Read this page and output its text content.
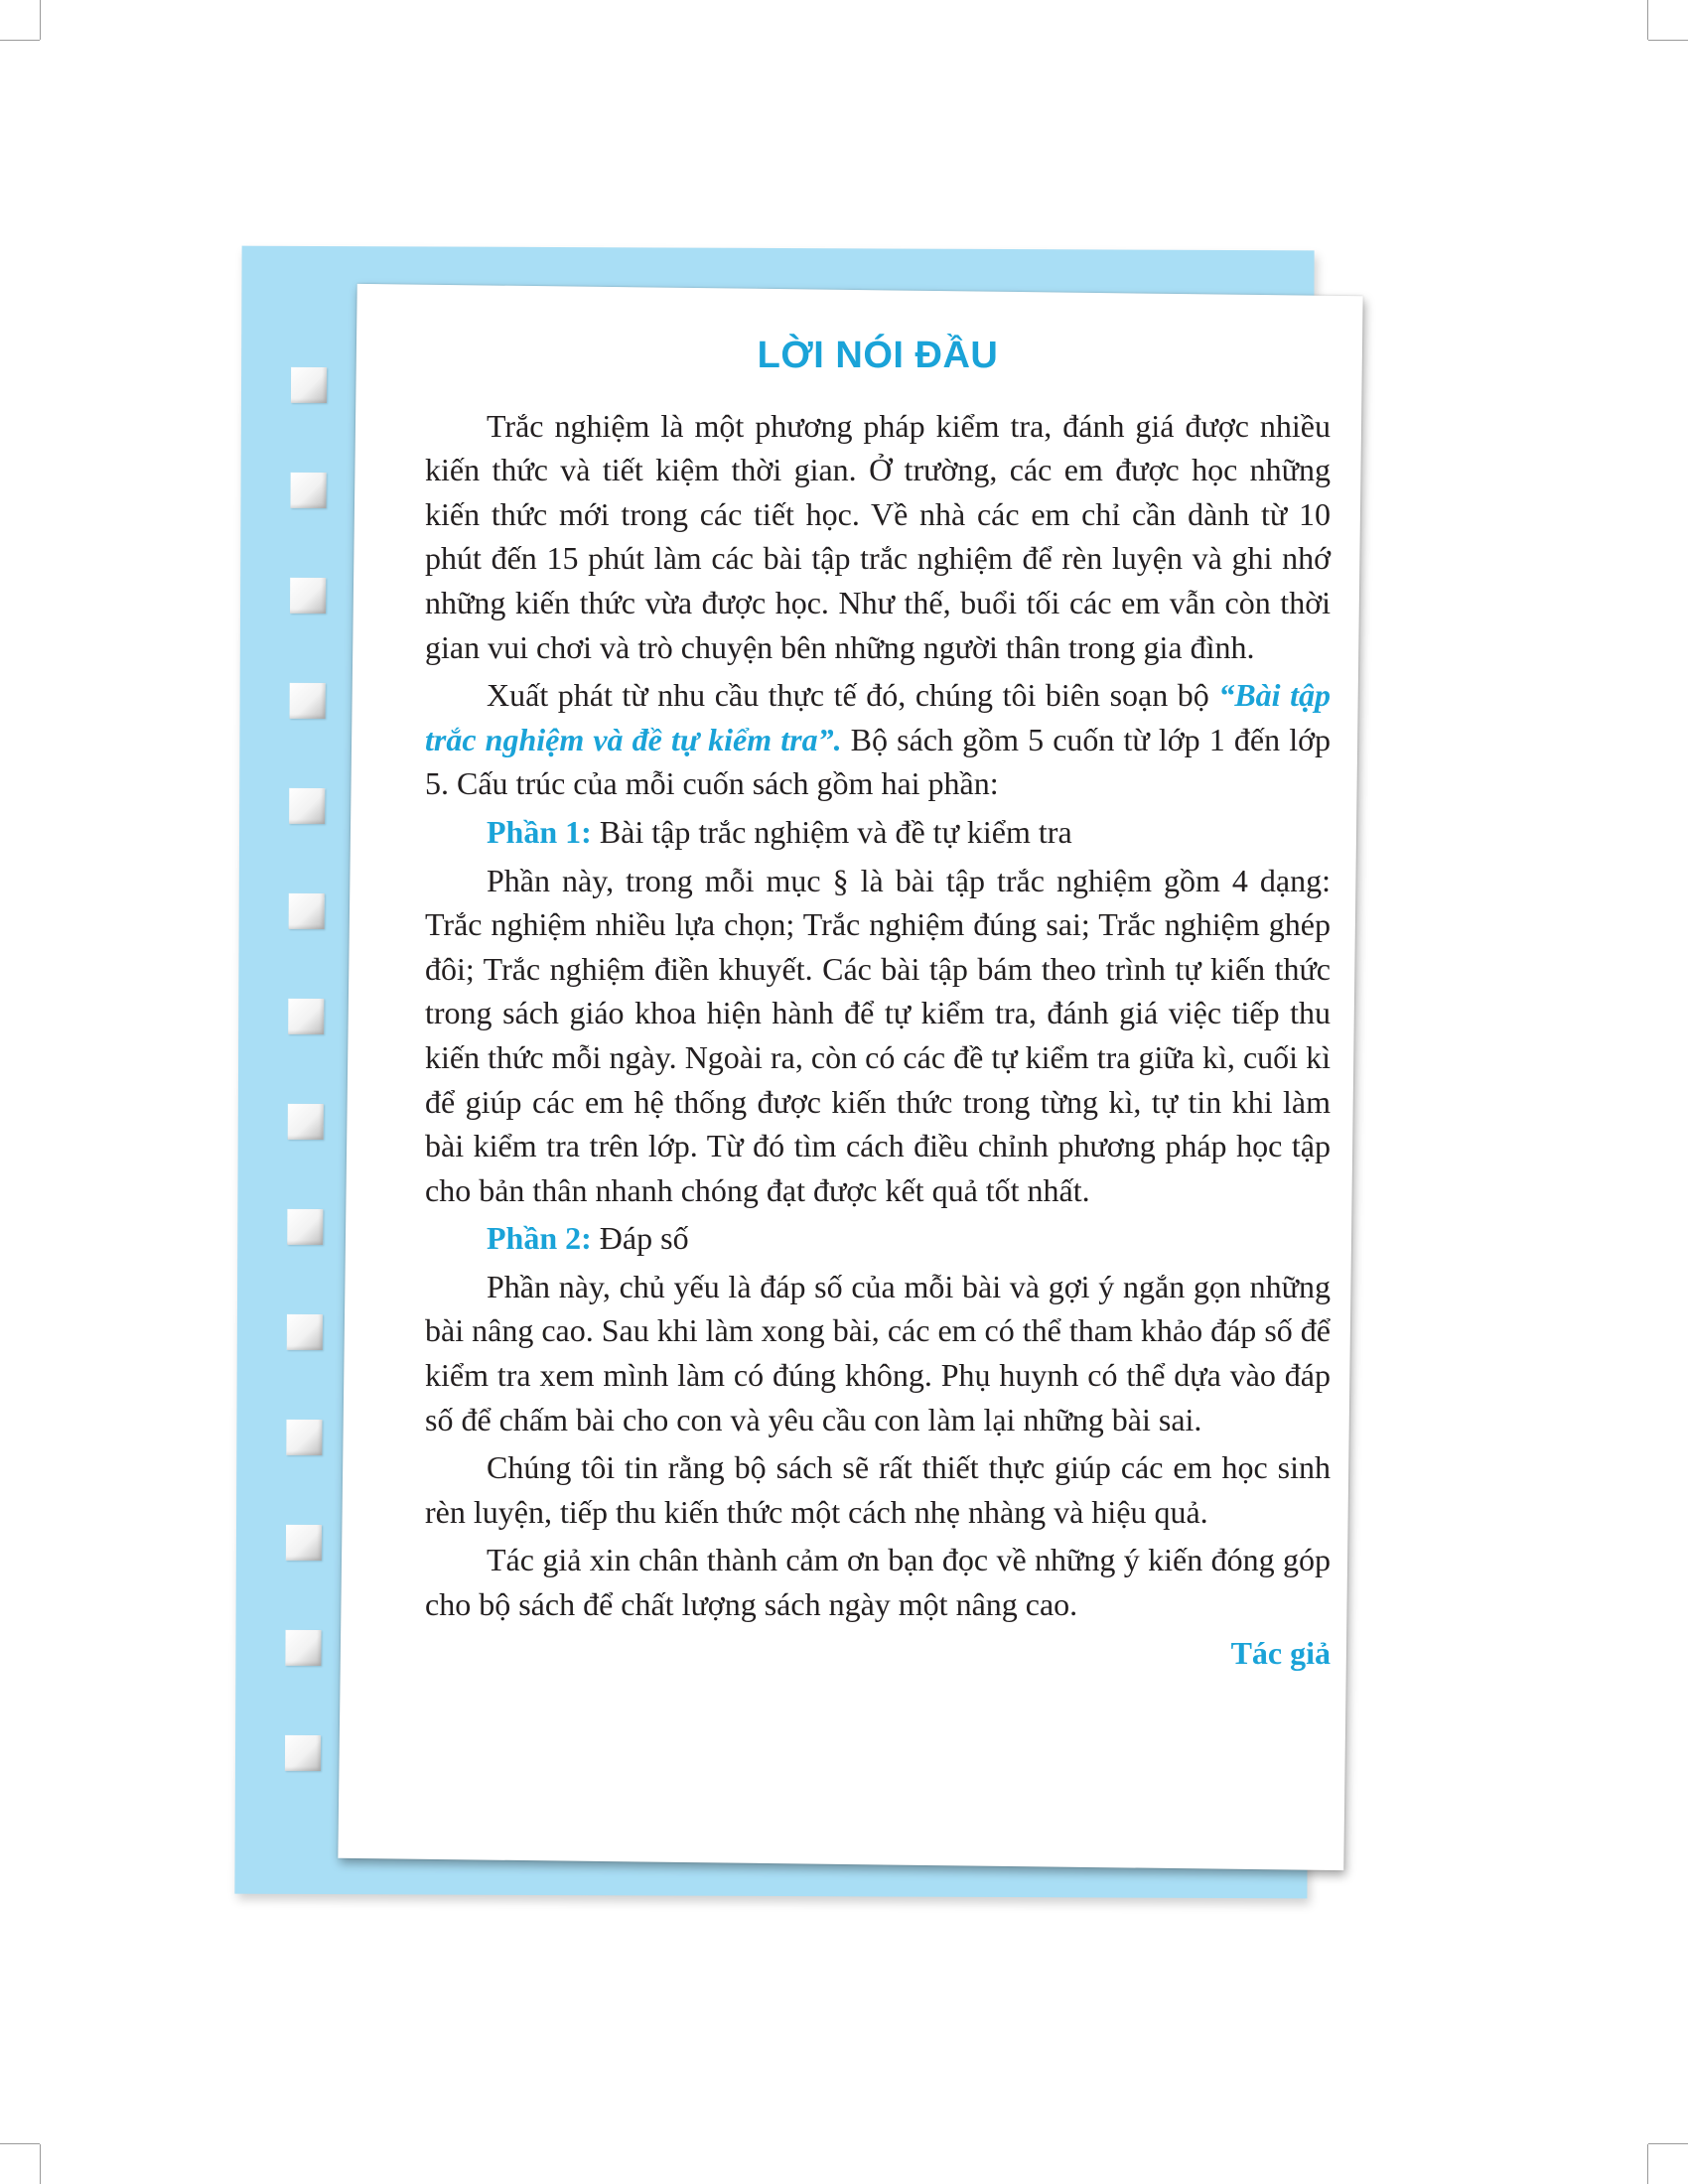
LỜI NÓI ĐẦU

Trắc nghiệm là một phương pháp kiểm tra, đánh giá được nhiều kiến thức và tiết kiệm thời gian. Ở trường, các em được học những kiến thức mới trong các tiết học. Về nhà các em chỉ cần dành từ 10 phút đến 15 phút làm các bài tập trắc nghiệm để rèn luyện và ghi nhớ những kiến thức vừa được học. Như thế, buổi tối các em vẫn còn thời gian vui chơi và trò chuyện bên những người thân trong gia đình.

Xuất phát từ nhu cầu thực tế đó, chúng tôi biên soạn bộ “Bài tập trắc nghiệm và đề tự kiểm tra”. Bộ sách gồm 5 cuốn từ lớp 1 đến lớp 5. Cấu trúc của mỗi cuốn sách gồm hai phần:

Phần 1: Bài tập trắc nghiệm và đề tự kiểm tra

Phần này, trong mỗi mục § là bài tập trắc nghiệm gồm 4 dạng: Trắc nghiệm nhiều lựa chọn; Trắc nghiệm đúng sai; Trắc nghiệm ghép đôi; Trắc nghiệm điền khuyết. Các bài tập bám theo trình tự kiến thức trong sách giáo khoa hiện hành để tự kiểm tra, đánh giá việc tiếp thu kiến thức mỗi ngày. Ngoài ra, còn có các đề tự kiểm tra giữa kì, cuối kì để giúp các em hệ thống được kiến thức trong từng kì, tự tin khi làm bài kiểm tra trên lớp. Từ đó tìm cách điều chỉnh phương pháp học tập cho bản thân nhanh chóng đạt được kết quả tốt nhất.

Phần 2: Đáp số

Phần này, chủ yếu là đáp số của mỗi bài và gợi ý ngắn gọn những bài nâng cao. Sau khi làm xong bài, các em có thể tham khảo đáp số để kiểm tra xem mình làm có đúng không. Phụ huynh có thể dựa vào đáp số để chấm bài cho con và yêu cầu con làm lại những bài sai.

Chúng tôi tin rằng bộ sách sẽ rất thiết thực giúp các em học sinh rèn luyện, tiếp thu kiến thức một cách nhẹ nhàng và hiệu quả.

Tác giả xin chân thành cảm ơn bạn đọc về những ý kiến đóng góp cho bộ sách để chất lượng sách ngày một nâng cao.

Tác giả
